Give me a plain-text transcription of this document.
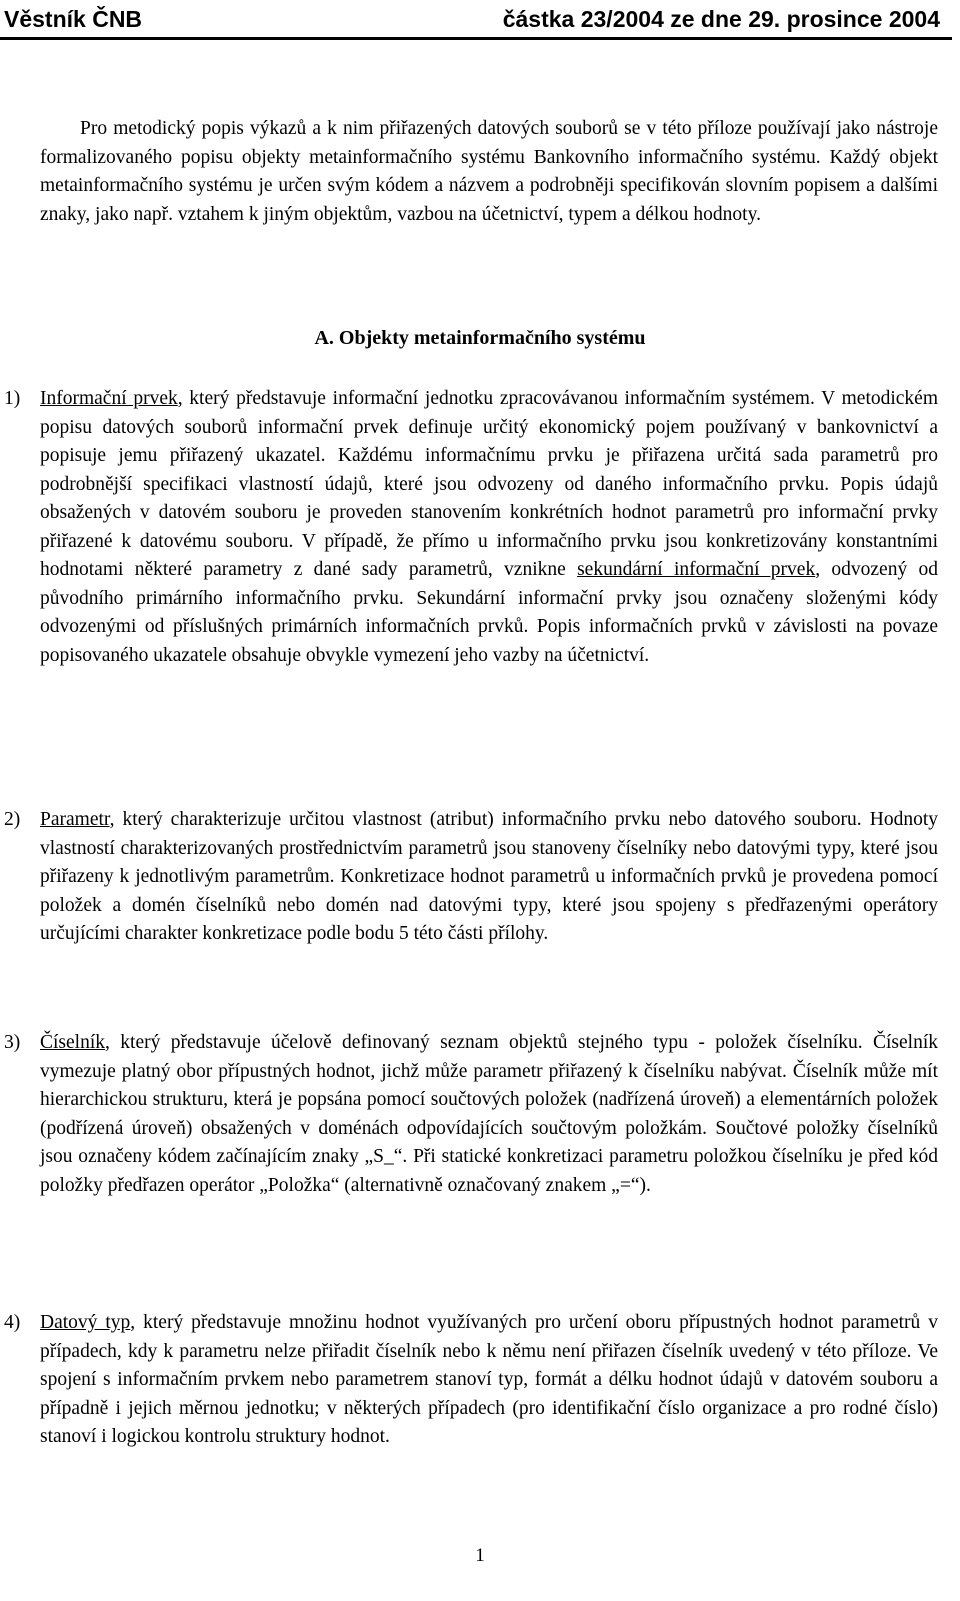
Věstník ČNB	částka 23/2004 ze dne 29. prosince 2004

Pro metodický popis výkazů a k nim přiřazených datových souborů se v této příloze používají jako nástroje formalizovaného popisu objekty metainformačního systému Bankovního informačního systému. Každý objekt metainformačního systému je určen svým kódem a názvem a podrobněji specifikován slovním popisem a dalšími znaky, jako např. vztahem k jiným objektům, vazbou na účetnictví, typem a délkou hodnoty.

A. Objekty metainformačního systému

1) Informační prvek, který představuje informační jednotku zpracovávanou informačním systémem. V metodickém popisu datových souborů informační prvek definuje určitý ekonomický pojem používaný v bankovnictví a popisuje jemu přiřazený ukazatel. Každému informačnímu prvku je přiřazena určitá sada parametrů pro podrobnější specifikaci vlastností údajů, které jsou odvozeny od daného informačního prvku. Popis údajů obsažených v datovém souboru je proveden stanovením konkrétních hodnot parametrů pro informační prvky přiřazené k datovému souboru. V případě, že přímo u informačního prvku jsou konkretizovány konstantními hodnotami některé parametry z dané sady parametrů, vznikne sekundární informační prvek, odvozený od původního primárního informačního prvku. Sekundární informační prvky jsou označeny složenými kódy odvozenými od příslušných primárních informačních prvků. Popis informačních prvků v závislosti na povaze popisovaného ukazatele obsahuje obvykle vymezení jeho vazby na účetnictví.
2) Parametr, který charakterizuje určitou vlastnost (atribut) informačního prvku nebo datového souboru. Hodnoty vlastností charakterizovaných prostřednictvím parametrů jsou stanoveny číselníky nebo datovými typy, které jsou přiřazeny k jednotlivým parametrům. Konkretizace hodnot parametrů u informačních prvků je provedena pomocí položek a domén číselníků nebo domén nad datovými typy, které jsou spojeny s předřazenými operátory určujícími charakter konkretizace podle bodu 5 této části přílohy.
3) Číselník, který představuje účelově definovaný seznam objektů stejného typu - položek číselníku. Číselník vymezuje platný obor přípustných hodnot, jichž může parametr přiřazený k číselníku nabývat. Číselník může mít hierarchickou strukturu, která je popsána pomocí součtových položek (nadřízená úroveň) a elementárních položek (podřízená úroveň) obsažených v doménách odpovídajících součtovým položkám. Součtové položky číselníků jsou označeny kódem začínajícím znaky „S_“. Při statické konkretizaci parametru položkou číselníku je před kód položky předřazen operátor „Položka“ (alternativně označovaný znakem „=“).
4) Datový typ, který představuje množinu hodnot využívaných pro určení oboru přípustných hodnot parametrů v případech, kdy k parametru nelze přiřadit číselník nebo k němu není přiřazen číselník uvedený v této příloze. Ve spojení s informačním prvkem nebo parametrem stanoví typ, formát a délku hodnot údajů v datovém souboru a případně i jejich měrnou jednotku; v některých případech (pro identifikační číslo organizace a pro rodné číslo) stanoví i logickou kontrolu struktury hodnot.
1
